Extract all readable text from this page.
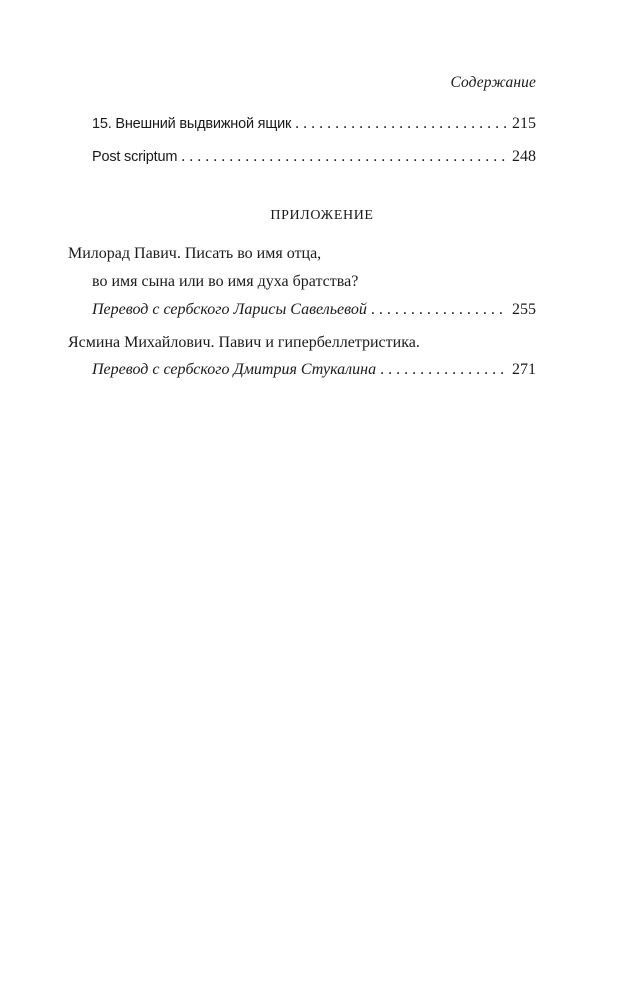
Содержание
15. Внешний выдвижной ящик . . .	215
Post scriptum . . .	248
ПРИЛОЖЕНИЕ
Милорад Павич. Писать во имя отца,
во имя сына или во имя духа братства?
Перевод с сербского Ларисы Савельевой . . .	255
Ясмина Михайлович. Павич и гипербеллетристика.
Перевод с сербского Дмитрия Стукалина . . .	271
